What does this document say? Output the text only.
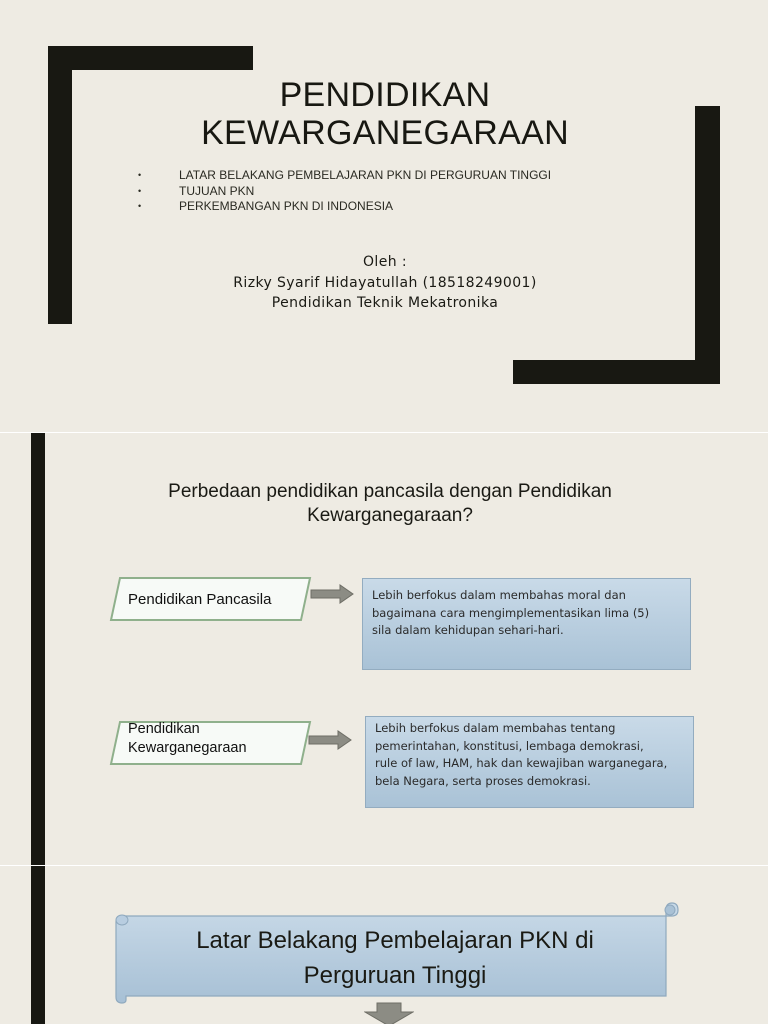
PENDIDIKAN
KEWARGANEGARAAN
• LATAR BELAKANG PEMBELAJARAN PKN DI PERGURUAN TINGGI
• TUJUAN PKN
• PERKEMBANGAN PKN DI INDONESIA
Oleh :
Rizky Syarif Hidayatullah (18518249001)
Pendidikan Teknik Mekatronika
Perbedaan pendidikan pancasila dengan Pendidikan
Kewarganegaraan?
Pendidikan Pancasila	Lebih berfokus dalam membahas moral dan
bagaimana cara mengimplementasikan lima (5)
sila dalam kehidupan sehari-hari.
Pendidikan
Kewarganegaraan
Lebih berfokus dalam membahas tentang
pemerintahan, konstitusi, lembaga demokrasi,
rule of law, HAM, hak dan kewajiban warganegara,
bela Negara, serta proses demokrasi.
Latar Belakang Pembelajaran PKN di
Perguruan Tinggi
